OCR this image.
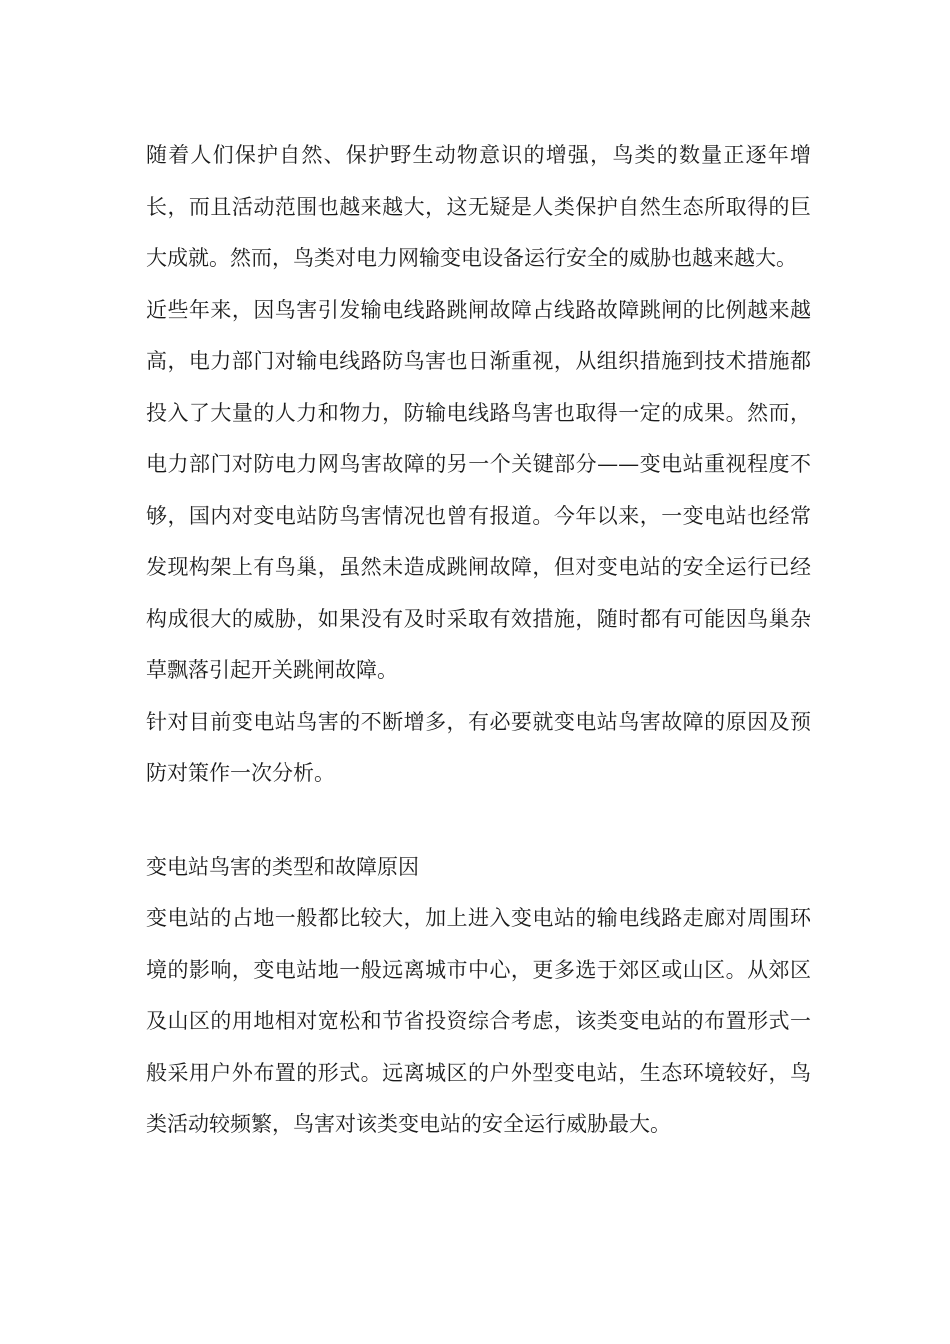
随着人们保护自然、保护野生动物意识的增强，鸟类的数量正逐年增长，而且活动范围也越来越大，这无疑是人类保护自然生态所取得的巨大成就。然而，鸟类对电力网输变电设备运行安全的威胁也越来越大。

近些年来，因鸟害引发输电线路跳闸故障占线路故障跳闸的比例越来越高，电力部门对输电线路防鸟害也日渐重视，从组织措施到技术措施都投入了大量的人力和物力，防输电线路鸟害也取得一定的成果。然而，电力部门对防电力网鸟害故障的另一个关键部分——变电站重视程度不够，国内对变电站防鸟害情况也曾有报道。今年以来，一变电站也经常发现构架上有鸟巢，虽然未造成跳闸故障，但对变电站的安全运行已经构成很大的威胁，如果没有及时采取有效措施，随时都有可能因鸟巢杂草飘落引起开关跳闸故障。

针对目前变电站鸟害的不断增多，有必要就变电站鸟害故障的原因及预防对策作一次分析。

变电站鸟害的类型和故障原因

变电站的占地一般都比较大，加上进入变电站的输电线路走廊对周围环境的影响，变电站地一般远离城市中心，更多选于郊区或山区。从郊区及山区的用地相对宽松和节省投资综合考虑，该类变电站的布置形式一般采用户外布置的形式。远离城区的户外型变电站，生态环境较好，鸟类活动较频繁，鸟害对该类变电站的安全运行威胁最大。
